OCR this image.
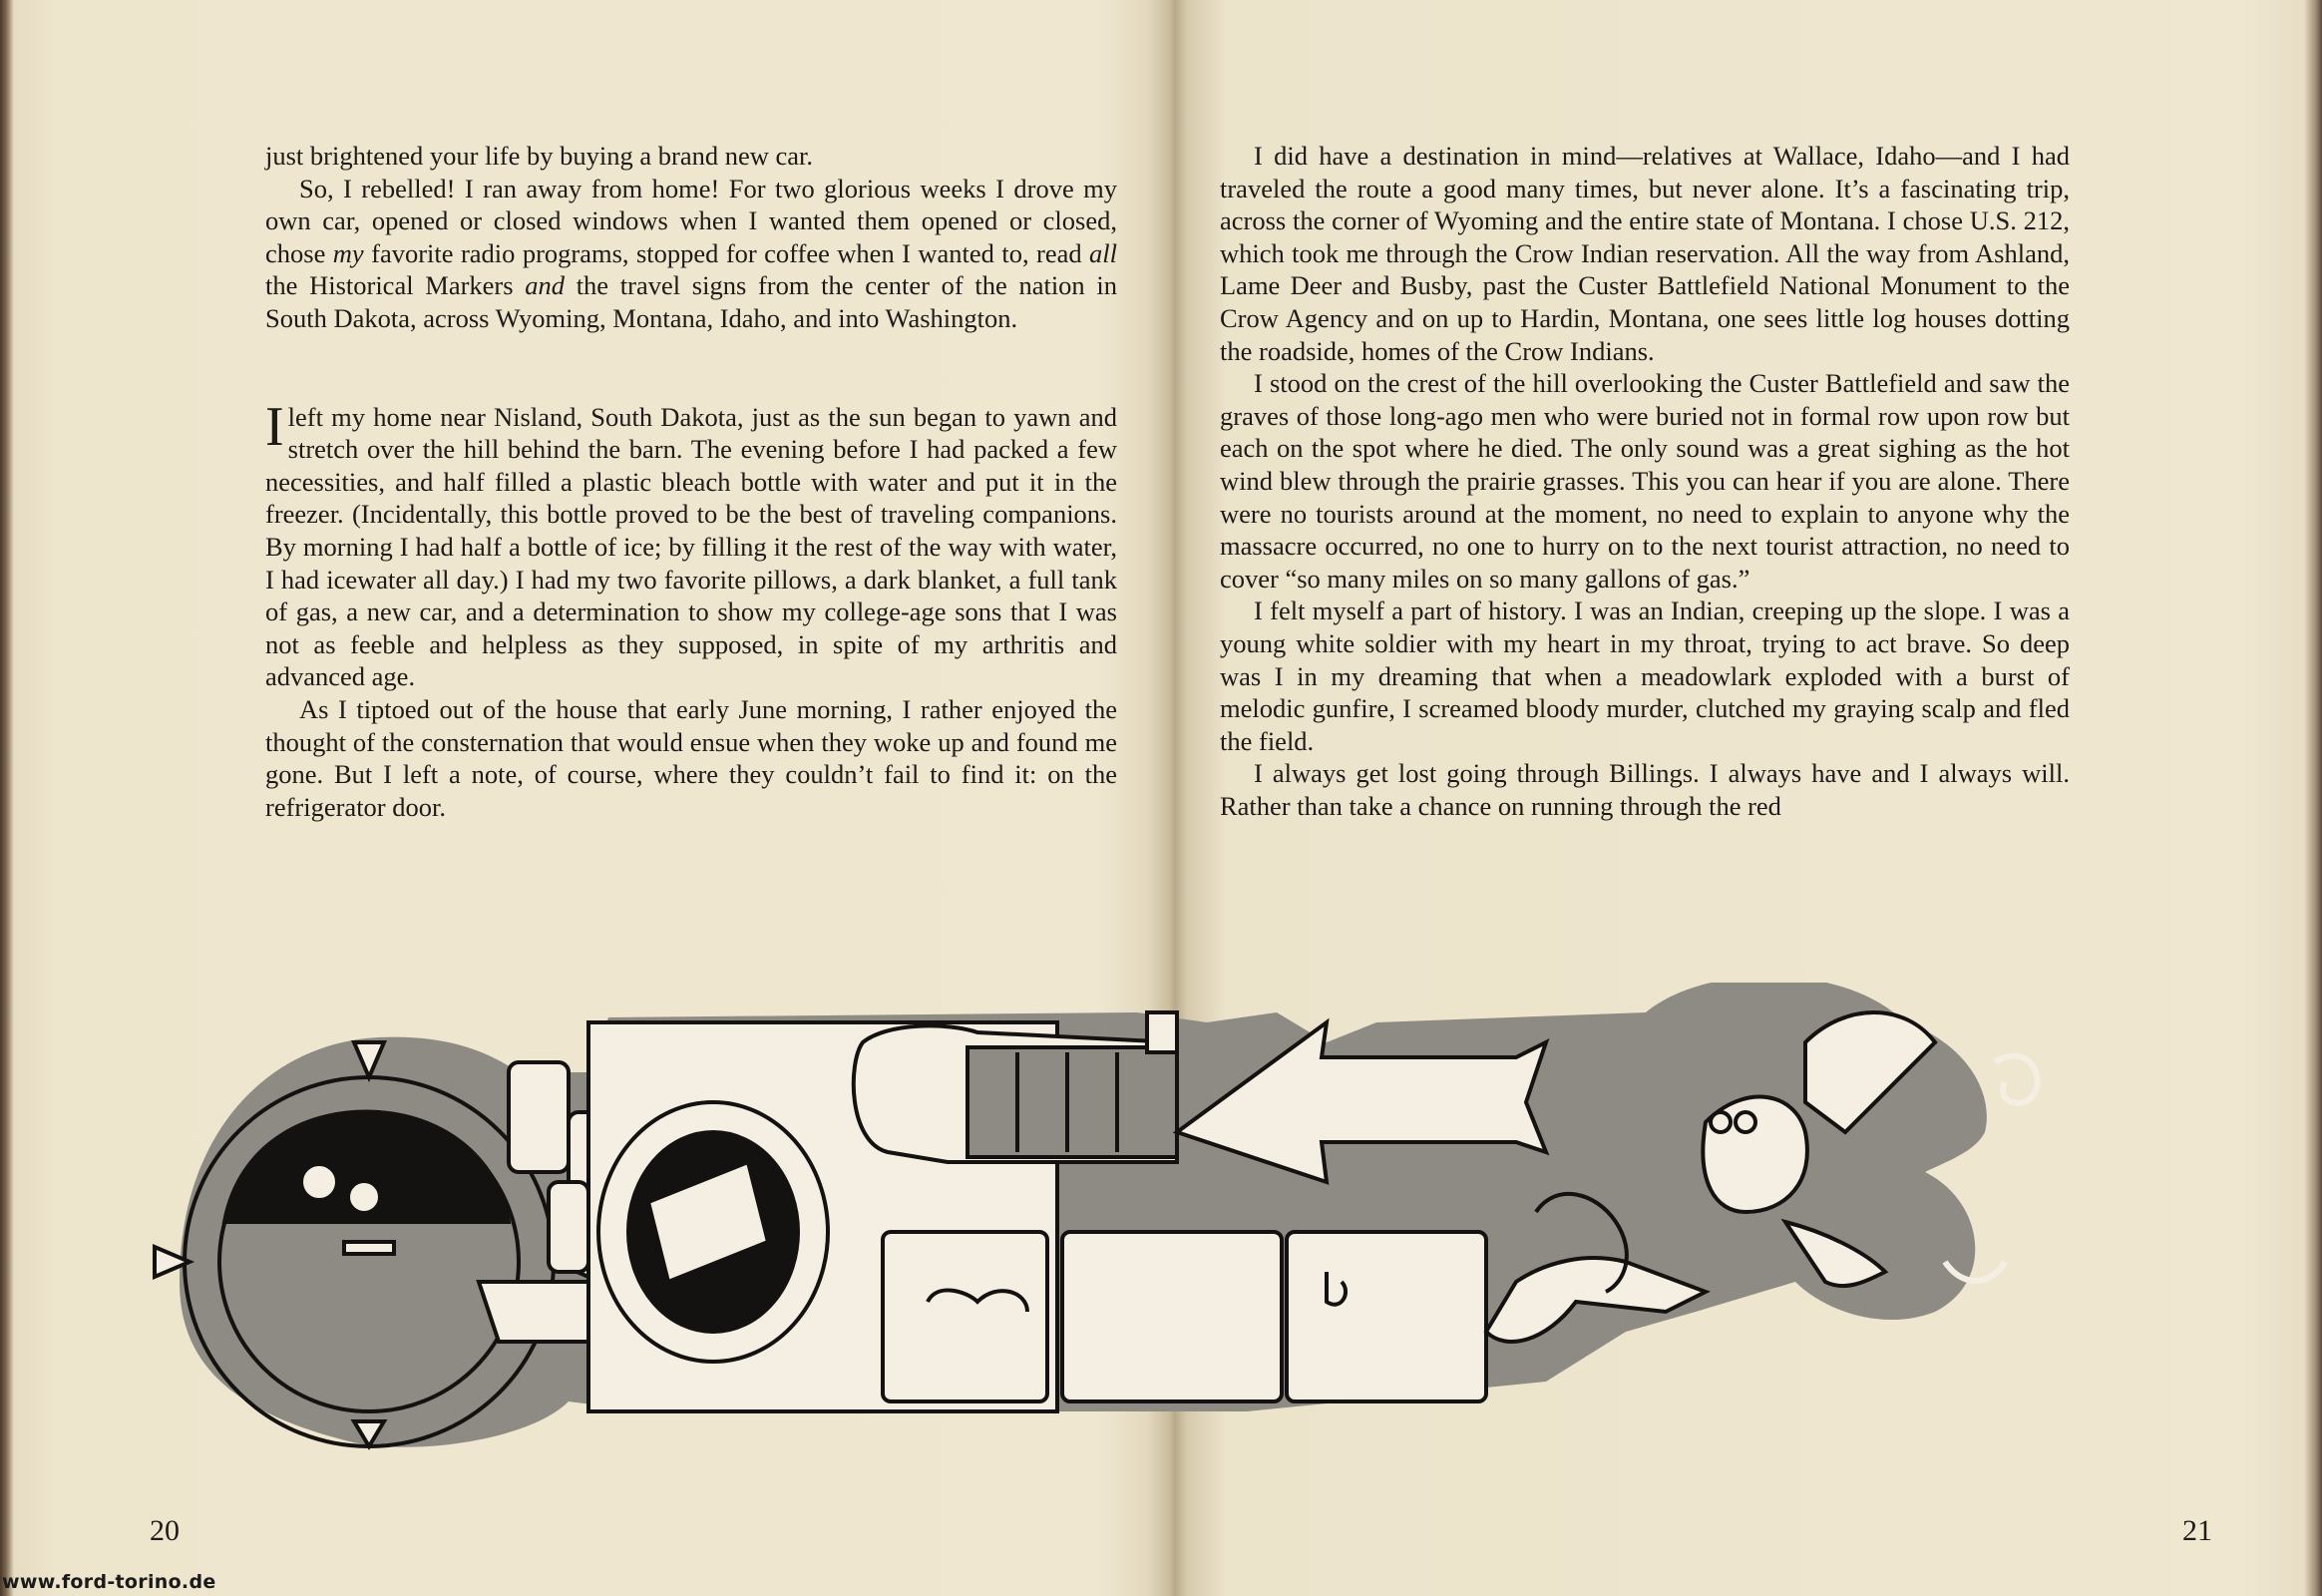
just brightened your life by buying a brand new car.

So, I rebelled! I ran away from home! For two glorious weeks I drove my own car, opened or closed windows when I wanted them opened or closed, chose my favorite radio programs, stopped for coffee when I wanted to, read all the Historical Markers and the travel signs from the center of the nation in South Dakota, across Wyoming, Montana, Idaho, and into Washington.

Ileft my home near Nisland, South Dakota, just as the sun began to yawn and stretch over the hill behind the barn. The evening before I had packed a few necessities, and half filled a plastic bleach bottle with water and put it in the freezer. (Incidentally, this bottle proved to be the best of traveling companions. By morning I had half a bottle of ice; by filling it the rest of the way with water, I had icewater all day.) I had my two favorite pillows, a dark blanket, a full tank of gas, a new car, and a determination to show my college-age sons that I was not as feeble and helpless as they supposed, in spite of my arthritis and advanced age.

As I tiptoed out of the house that early June morning, I rather enjoyed the thought of the consternation that would ensue when they woke up and found me gone. But I left a note, of course, where they couldn’t fail to find it: on the refrigerator door.

20

I did have a destination in mind—relatives at Wallace, Idaho—and I had traveled the route a good many times, but never alone. It’s a fascinating trip, across the corner of Wyoming and the entire state of Montana. I chose U.S. 212, which took me through the Crow Indian reservation. All the way from Ashland, Lame Deer and Busby, past the Custer Battlefield National Monument to the Crow Agency and on up to Hardin, Montana, one sees little log houses dotting the roadside, homes of the Crow Indians.

I stood on the crest of the hill overlooking the Custer Battlefield and saw the graves of those long-ago men who were buried not in formal row upon row but each on the spot where he died. The only sound was a great sighing as the hot wind blew through the prairie grasses. This you can hear if you are alone. There were no tourists around at the moment, no need to explain to anyone why the massacre occurred, no one to hurry on to the next tourist attraction, no need to cover “so many miles on so many gallons of gas.”

I felt myself a part of history. I was an Indian, creeping up the slope. I was a young white soldier with my heart in my throat, trying to act brave. So deep was I in my dreaming that when a meadowlark exploded with a burst of melodic gunfire, I screamed bloody murder, clutched my graying scalp and fled the field.

I always get lost going through Billings. I always have and I always will. Rather than take a chance on running through the red

21
www.ford-torino.de
